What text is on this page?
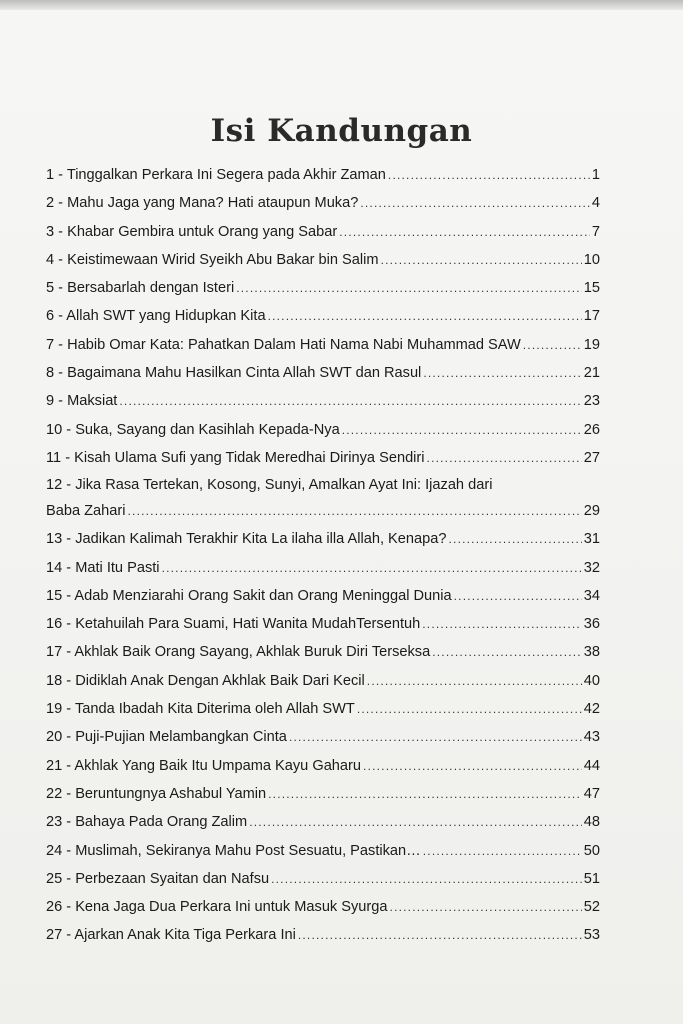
Isi Kandungan
1 - Tinggalkan Perkara Ini Segera pada Akhir Zaman .....	1
2 - Mahu Jaga yang Mana? Hati ataupun Muka? .....	4
3 - Khabar Gembira untuk Orang yang Sabar .....	7
4 - Keistimewaan Wirid Syeikh Abu Bakar bin Salim .....	10
5 - Bersabarlah dengan Isteri .....	15
6 - Allah SWT yang Hidupkan Kita .....	17
7 - Habib Omar Kata: Pahatkan Dalam Hati Nama Nabi Muhammad SAW .....	19
8 - Bagaimana Mahu Hasilkan Cinta Allah SWT dan Rasul .....	21
9 - Maksiat .....	23
10 - Suka, Sayang dan Kasihlah Kepada-Nya .....	26
11 - Kisah Ulama Sufi yang Tidak Meredhai Dirinya Sendiri .....	27
12 - Jika Rasa Tertekan, Kosong, Sunyi, Amalkan Ayat Ini: Ijazah dari
Baba Zahari .....	29
13 - Jadikan Kalimah Terakhir Kita La ilaha illa Allah, Kenapa? .....	31
14 - Mati Itu Pasti .....	32
15 - Adab Menziarahi Orang Sakit dan Orang Meninggal Dunia .....	34
16 - Ketahuilah Para Suami, Hati Wanita MudahTersentuh .....	36
17 - Akhlak Baik Orang Sayang, Akhlak Buruk Diri Terseksa .....	38
18 - Didiklah Anak Dengan Akhlak Baik Dari Kecil .....	40
19 - Tanda Ibadah Kita Diterima oleh Allah SWT .....	42
20 - Puji-Pujian Melambangkan Cinta .....	43
21 - Akhlak Yang Baik Itu Umpama Kayu Gaharu .....	44
22 - Beruntungnya Ashabul Yamin .....	47
23 - Bahaya Pada Orang Zalim .....	48
24 - Muslimah, Sekiranya Mahu Post Sesuatu, Pastikan… .....	50
25 - Perbezaan Syaitan dan Nafsu .....	51
26 - Kena Jaga Dua Perkara Ini untuk Masuk Syurga .....	52
27 - Ajarkan Anak Kita Tiga Perkara Ini .....	53
